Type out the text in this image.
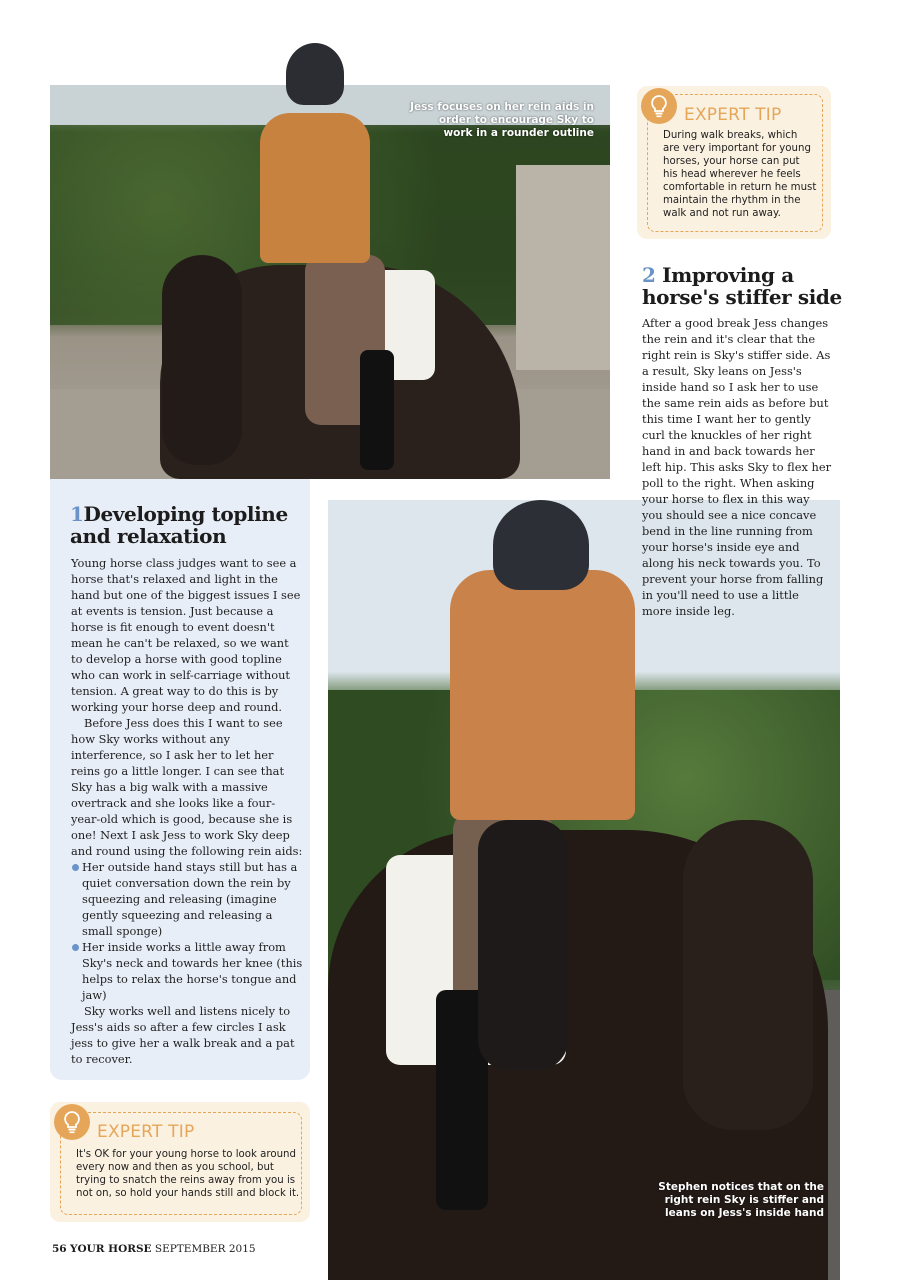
Jess focuses on her rein aids in order to encourage Sky to work in a rounder outline
1Developing topline and relaxation

Young horse class judges want to see a horse that's relaxed and light in the hand but one of the biggest issues I see at events is tension. Just because a horse is fit enough to event doesn't mean he can't be relaxed, so we want to develop a horse with good topline who can work in self-carriage without tension. A great way to do this is by working your horse deep and round.

Before Jess does this I want to see how Sky works without any interference, so I ask her to let her reins go a little longer. I can see that Sky has a big walk with a massive overtrack and she looks like a four-year-old which is good, because she is one! Next I ask Jess to work Sky deep and round using the following rein aids:

Her outside hand stays still but has a quiet conversation down the rein by squeezing and releasing (imagine gently squeezing and releasing a small sponge)

Her inside works a little away from Sky's neck and towards her knee (this helps to relax the horse's tongue and jaw)

Sky works well and listens nicely to Jess's aids so after a few circles I ask jess to give her a walk break and a pat to recover.

Stephen notices that on the right rein Sky is stiffer and leans on Jess's inside hand
EXPERT TIP
During walk breaks, which are very important for young horses, your horse can put his head wherever he feels comfortable in return he must maintain the rhythm in the walk and not run away.
2 Improving a horse's stiffer side

After a good break Jess changes the rein and it's clear that the right rein is Sky's stiffer side. As a result, Sky leans on Jess's inside hand so I ask her to use the same rein aids as before but this time I want her to gently curl the knuckles of her right hand in and back towards her left hip. This asks Sky to flex her poll to the right. When asking your horse to flex in this way you should see a nice concave bend in the line running from your horse's inside eye and along his neck towards you. To prevent your horse from falling in you'll need to use a little more inside leg.

EXPERT TIP
It's OK for your young horse to look around every now and then as you school, but trying to snatch the reins away from you is not on, so hold your hands still and block it.
56 YOUR HORSE SEPTEMBER 2015
